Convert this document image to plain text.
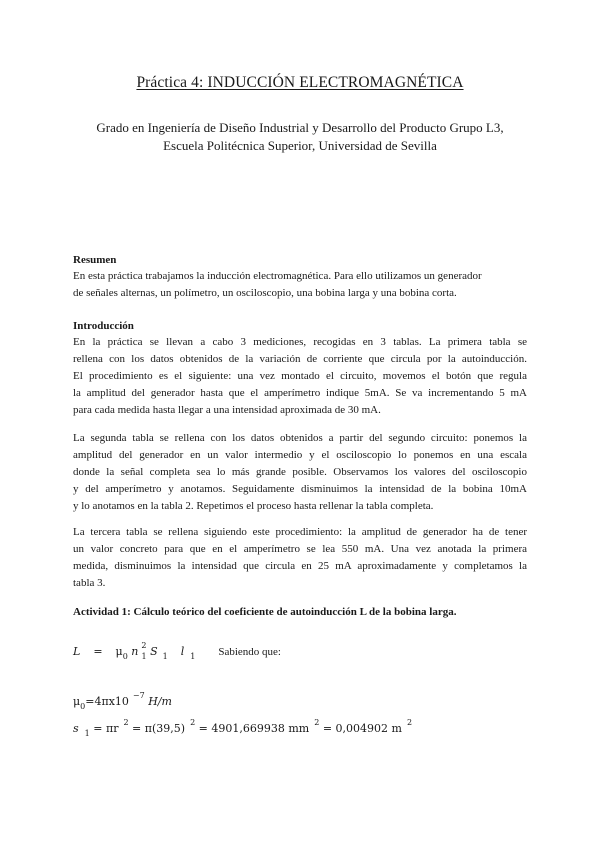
Práctica 4: INDUCCIÓN ELECTROMAGNÉTICA
Grado en Ingeniería de Diseño Industrial y Desarrollo del Producto Grupo L3,
Escuela Politécnica Superior, Universidad de Sevilla
Resumen
En esta práctica trabajamos la inducción electromagnética. Para ello utilizamos un generador
de señales alternas, un polímetro, un osciloscopio, una bobina larga y una bobina corta.
Introducción
En la práctica se llevan a cabo 3 mediciones, recogidas en 3 tablas. La primera tabla se
rellena con los datos obtenidos de la variación de corriente que circula por la autoinducción.
El procedimiento es el siguiente: una vez montado el circuito, movemos el botón que regula
la amplitud del generador hasta que el amperímetro indique 5mA. Se va incrementando 5 mA
para cada medida hasta llegar a una intensidad aproximada de 30 mA.
La segunda tabla se rellena con los datos obtenidos a partir del segundo circuito: ponemos la
amplitud del generador en un valor intermedio y el osciloscopio lo ponemos en una escala
donde la señal completa sea lo más grande posible. Observamos los valores del osciloscopio
y del amperímetro y anotamos. Seguidamente disminuimos la intensidad de la bobina 10mA
y lo anotamos en la tabla 2. Repetimos el proceso hasta rellenar la tabla completa.
La tercera tabla se rellena siguiendo este procedimiento: la amplitud de generador ha de tener
un valor concreto para que en el amperímetro se lea 550 mA. Una vez anotada la primera
medida, disminuimos la intensidad que circula en 25 mA aproximadamente y completamos la
tabla 3.
Actividad 1: Cálculo teórico del coeficiente de autoinducción L de la bobina larga.
$L = \mu_0$ n $^2_1$ S $_1$ l $_1$ Sabiendo que:
$\mu_0=4\pi x10$ $^{-7}$ H/m
s $_1$ = πr $^2$ = π(39,5) $^2$ = 4901,669938 mm $^2$ = 0,004902 m $^2$
